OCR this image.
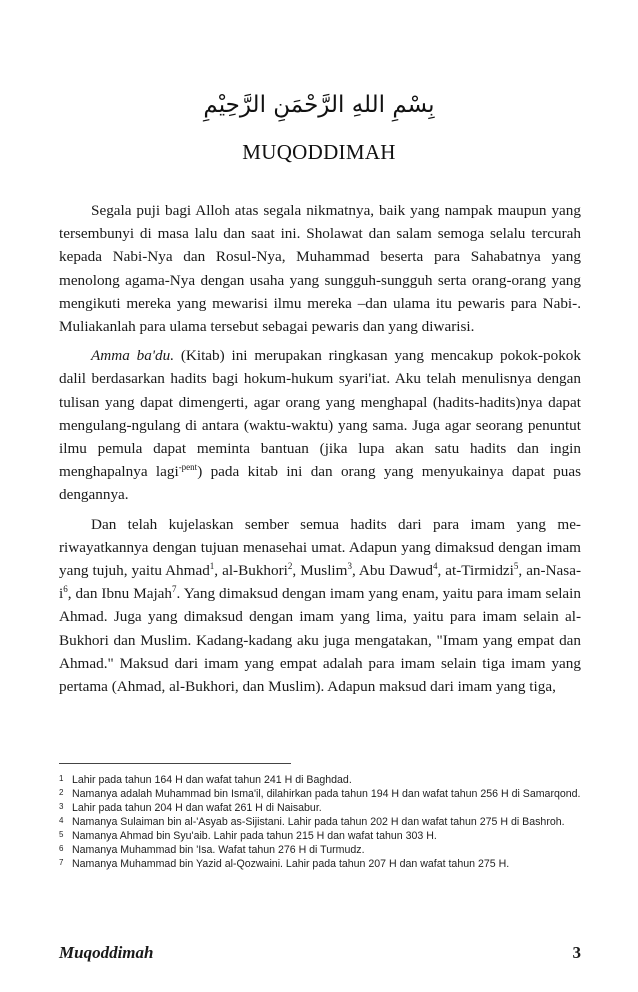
بِسْمِ اللهِ الرَّحْمَنِ الرَّحِيْمِ
MUQODDIMAH

Segala puji bagi Alloh atas segala nikmatnya, baik yang nampak maupun yang tersembunyi di masa lalu dan saat ini. Sholawat dan salam semoga selalu tercurah kepada Nabi-Nya dan Rosul-Nya, Muhammad beserta para Sahabatnya yang menolong agama-Nya dengan usaha yang sungguh-sungguh serta orang-orang yang mengikuti mereka yang mewarisi ilmu mereka –dan ulama itu pewaris para Nabi-. Muliakanlah para ulama tersebut sebagai pewaris dan yang diwarisi.

Amma ba'du. (Kitab) ini merupakan ringkasan yang mencakup pokok-pokok dalil berdasarkan hadits bagi hokum-hukum syari'iat. Aku telah menulisnya dengan tulisan yang dapat dimengerti, agar orang yang menghapal (hadits-hadits)nya dapat mengulang-ngulang di antara (waktu-waktu) yang sama. Juga agar seorang penuntut ilmu pemula dapat meminta bantuan (jika lupa akan satu hadits dan ingin menghapalnya lagi$^{-pent}$) pada kitab ini dan orang yang menyukainya dapat puas dengannya.

Dan telah kujelaskan sember semua hadits dari para imam yang me-riwayatkannya dengan tujuan menasehai umat. Adapun yang dimaksud dengan imam yang tujuh, yaitu Ahmad$^1$, al-Bukhori$^2$, Muslim$^3$, Abu Dawud$^4$, at-Tirmidzi$^5$, $an-Nasa-i^6$, dan Ibnu Majah$^7$. Yang dimaksud dengan imam yang enam, yaitu para imam selain Ahmad. Juga yang dimaksud dengan imam yang lima, yaitu para imam selain al-Bukhori dan Muslim. Kadang-kadang aku juga mengatakan, "Imam yang empat dan Ahmad." Maksud dari imam yang empat adalah para imam selain tiga imam yang pertama (Ahmad, al-Bukhori, dan Muslim). Adapun maksud dari imam yang tiga,

1 Lahir pada tahun 164 H dan wafat tahun 241 H di Baghdad.
2 Namanya adalah Muhammad bin Isma'il, dilahirkan pada tahun 194 H dan wafat tahun 256 H di Samarqond.
3 Lahir pada tahun 204 H dan wafat 261 H di Naisabur.
4 Namanya Sulaiman bin al-'Asyab as-Sijistani. Lahir pada tahun 202 H dan wafat tahun 275 H di Bashroh.
5 Namanya Ahmad bin Syu'aib. Lahir pada tahun 215 H dan wafat tahun 303 H.
6 Namanya Muhammad bin 'Isa. Wafat tahun 276 H di Turmudz.
7 Namanya Muhammad bin Yazid al-Qozwaini. Lahir pada tahun 207 H dan wafat tahun 275 H.
Muqoddimah	3
